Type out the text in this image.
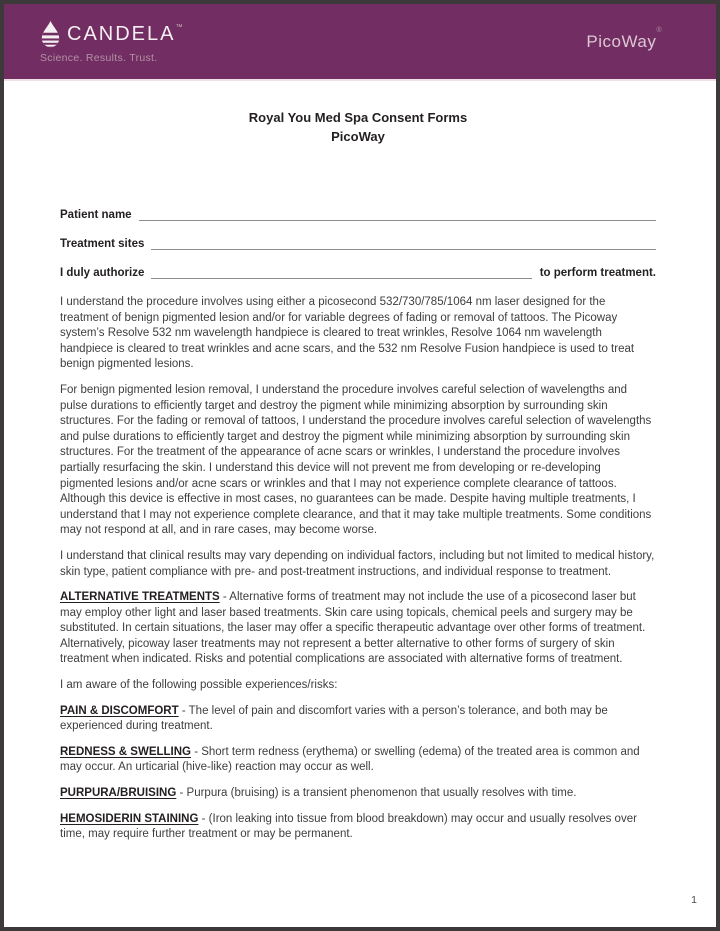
CANDELA™
Science. Results. Trust.
PicoWay®
Royal You Med Spa Consent Forms
PicoWay
Patient name
Treatment sites
I duly authorize	to perform treatment.

I understand the procedure involves using either a picosecond 532/730/785/1064 nm laser designed for the treatment of benign pigmented lesion and/or for variable degrees of fading or removal of tattoos. The Picoway system’s Resolve 532 nm wavelength handpiece is cleared to treat wrinkles, Resolve 1064 nm wavelength handpiece is cleared to treat wrinkles and acne scars, and the 532 nm Resolve Fusion handpiece is used to treat benign pigmented lesions.

For benign pigmented lesion removal, I understand the procedure involves careful selection of wavelengths and pulse durations to efficiently target and destroy the pigment while minimizing absorption by surrounding skin structures. For the fading or removal of tattoos, I understand the procedure involves careful selection of wavelengths and pulse durations to efficiently target and destroy the pigment while minimizing absorption by surrounding skin structures. For the treatment of the appearance of acne scars or wrinkles, I understand the procedure involves partially resurfacing the skin. I understand this device will not prevent me from developing or re-developing pigmented lesions and/or acne scars or wrinkles and that I may not experience complete clearance of tattoos. Although this device is effective in most cases, no guarantees can be made. Despite having multiple treatments, I understand that I may not experience complete clearance, and that it may take multiple treatments. Some conditions may not respond at all, and in rare cases, may become worse.

I understand that clinical results may vary depending on individual factors, including but not limited to medical history, skin type, patient compliance with pre- and post-treatment instructions, and individual response to treatment.

ALTERNATIVE TREATMENTS - Alternative forms of treatment may not include the use of a picosecond laser but may employ other light and laser based treatments. Skin care using topicals, chemical peels and surgery may be substituted. In certain situations, the laser may offer a specific therapeutic advantage over other forms of treatment. Alternatively, picoway laser treatments may not represent a better alternative to other forms of surgery of skin treatment when indicated. Risks and potential complications are associated with alternative forms of treatment.

I am aware of the following possible experiences/risks:

PAIN & DISCOMFORT - The level of pain and discomfort varies with a person’s tolerance, and both may be experienced during treatment.

REDNESS & SWELLING - Short term redness (erythema) or swelling (edema) of the treated area is common and may occur. An urticarial (hive-like) reaction may occur as well.

PURPURA/BRUISING - Purpura (bruising) is a transient phenomenon that usually resolves with time.

HEMOSIDERIN STAINING - (Iron leaking into tissue from blood breakdown) may occur and usually resolves over time, may require further treatment or may be permanent.

1
